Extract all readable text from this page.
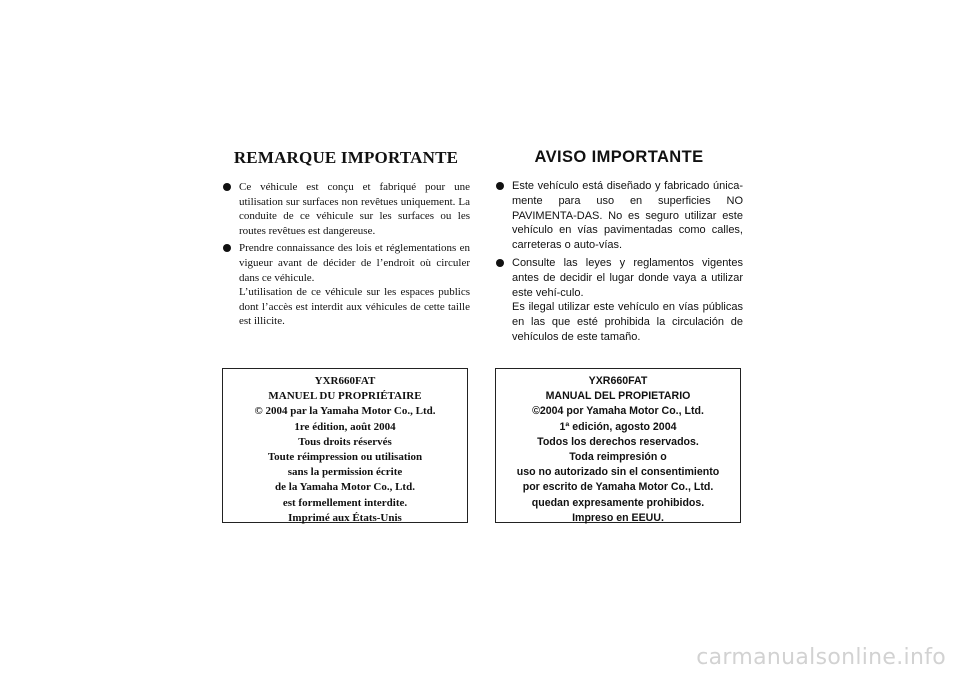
REMARQUE IMPORTANTE
Ce véhicule est conçu et fabriqué pour une utilisation sur surfaces non revêtues uniquement. La conduite de ce véhicule sur les surfaces ou les routes revêtues est dangereuse.
Prendre connaissance des lois et réglementations en vigueur avant de décider de l’endroit où circuler dans ce véhicule.
L’utilisation de ce véhicule sur les espaces publics dont l’accès est interdit aux véhicules de cette taille est illicite.
AVISO IMPORTANTE
Este vehículo está diseñado y fabricado única-mente para uso en superficies NO PAVIMENTA-DAS. No es seguro utilizar este vehículo en vías pavimentadas como calles, carreteras o auto-vías.
Consulte las leyes y reglamentos vigentes antes de decidir el lugar donde vaya a utilizar este vehí-culo.
Es ilegal utilizar este vehículo en vías públicas en las que esté prohibida la circulación de vehículos de este tamaño.
YXR660FAT
MANUEL DU PROPRIÉTAIRE
© 2004 par la Yamaha Motor Co., Ltd.
1re édition, août 2004
Tous droits réservés
Toute réimpression ou utilisation
sans la permission écrite
de la Yamaha Motor Co., Ltd.
est formellement interdite.
Imprimé aux États-Unis
YXR660FAT
MANUAL DEL PROPIETARIO
©2004 por Yamaha Motor Co., Ltd.
1ª edición, agosto 2004
Todos los derechos reservados.
Toda reimpresión o
uso no autorizado sin el consentimiento
por escrito de Yamaha Motor Co., Ltd.
quedan expresamente prohibidos.
Impreso en EEUU.
carmanualsonline.info
